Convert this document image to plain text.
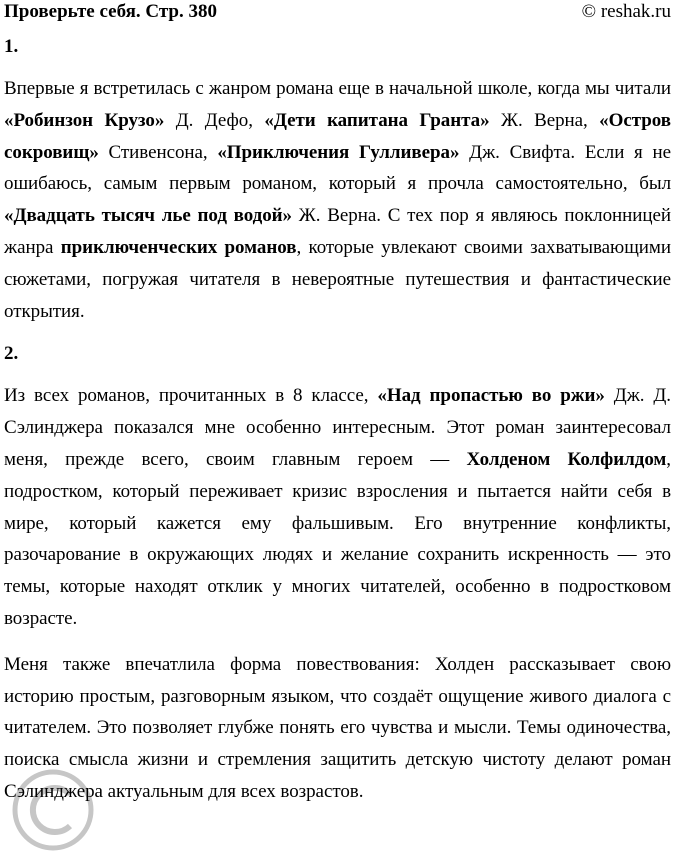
Проверьте себя. Стр. 380	© reshak.ru
1.
Впервые я встретилась с жанром романа еще в начальной школе, когда мы читали «Робинзон Крузо» Д. Дефо, «Дети капитана Гранта» Ж. Верна, «Остров сокровищ» Стивенсона, «Приключения Гулливера» Дж. Свифта. Если я не ошибаюсь, самым первым романом, который я прочла самостоятельно, был «Двадцать тысяч лье под водой» Ж. Верна. С тех пор я являюсь поклонницей жанра приключенческих романов, которые увлекают своими захватывающими сюжетами, погружая читателя в невероятные путешествия и фантастические открытия.
2.
Из всех романов, прочитанных в 8 классе, «Над пропастью во ржи» Дж. Д. Сэлинджера показался мне особенно интересным. Этот роман заинтересовал меня, прежде всего, своим главным героем — Холденом Колфилдом, подростком, который переживает кризис взросления и пытается найти себя в мире, который кажется ему фальшивым. Его внутренние конфликты, разочарование в окружающих людях и желание сохранить искренность — это темы, которые находят отклик у многих читателей, особенно в подростковом возрасте.
Меня также впечатлила форма повествования: Холден рассказывает свою историю простым, разговорным языком, что создаёт ощущение живого диалога с читателем. Это позволяет глубже понять его чувства и мысли. Темы одиночества, поиска смысла жизни и стремления защитить детскую чистоту делают роман Сэлинджера актуальным для всех возрастов.
